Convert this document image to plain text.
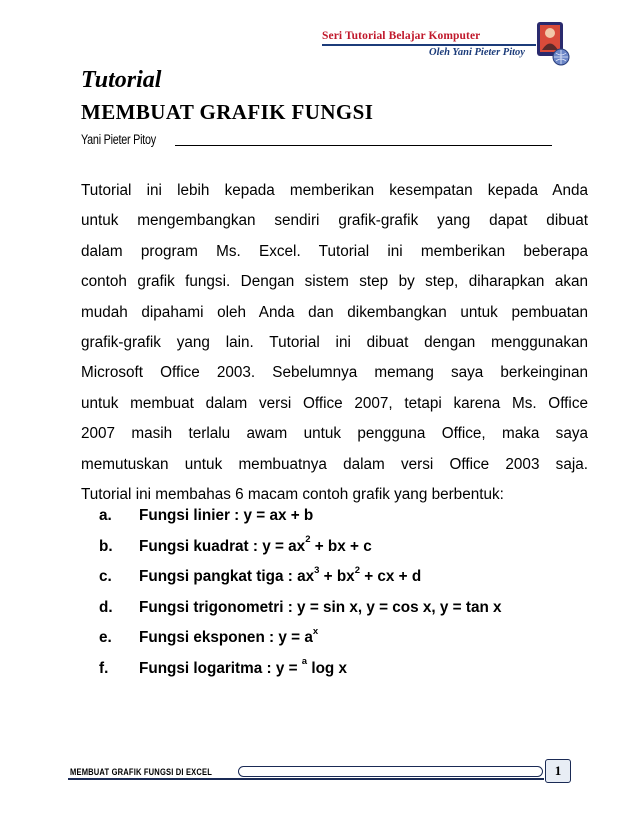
Seri Tutorial Belajar Komputer
Oleh Yani Pieter Pitoy
Tutorial
MEMBUAT GRAFIK FUNGSI
Yani Pieter Pitoy
Tutorial ini lebih kepada memberikan kesempatan kepada Anda
untuk mengembangkan sendiri grafik-grafik yang dapat dibuat
dalam program Ms. Excel. Tutorial ini memberikan beberapa
contoh grafik fungsi. Dengan sistem step by step, diharapkan akan
mudah dipahami oleh Anda dan dikembangkan untuk pembuatan
grafik-grafik yang lain. Tutorial ini dibuat dengan menggunakan
Microsoft Office 2003. Sebelumnya memang saya berkeinginan
untuk membuat dalam versi Office 2007, tetapi karena Ms. Office
2007 masih terlalu awam untuk pengguna Office, maka saya
memutuskan untuk membuatnya dalam versi Office 2003 saja.
Tutorial ini membahas 6 macam contoh grafik yang berbentuk:
a. Fungsi linier : y = ax + b
b. Fungsi kuadrat : $y = ax^2$ + bx + c
c. Fungsi pangkat tiga : $ax^3 + bx^2$ + cx + d
d. Fungsi trigonometri : y = sin x, y = cos x, y = tan x
e. Fungsi eksponen : $y = a^x$
f. Fungsi logaritma : y = $^a$ log x
MEMBUAT GRAFIK FUNGSI DI EXCEL	1
